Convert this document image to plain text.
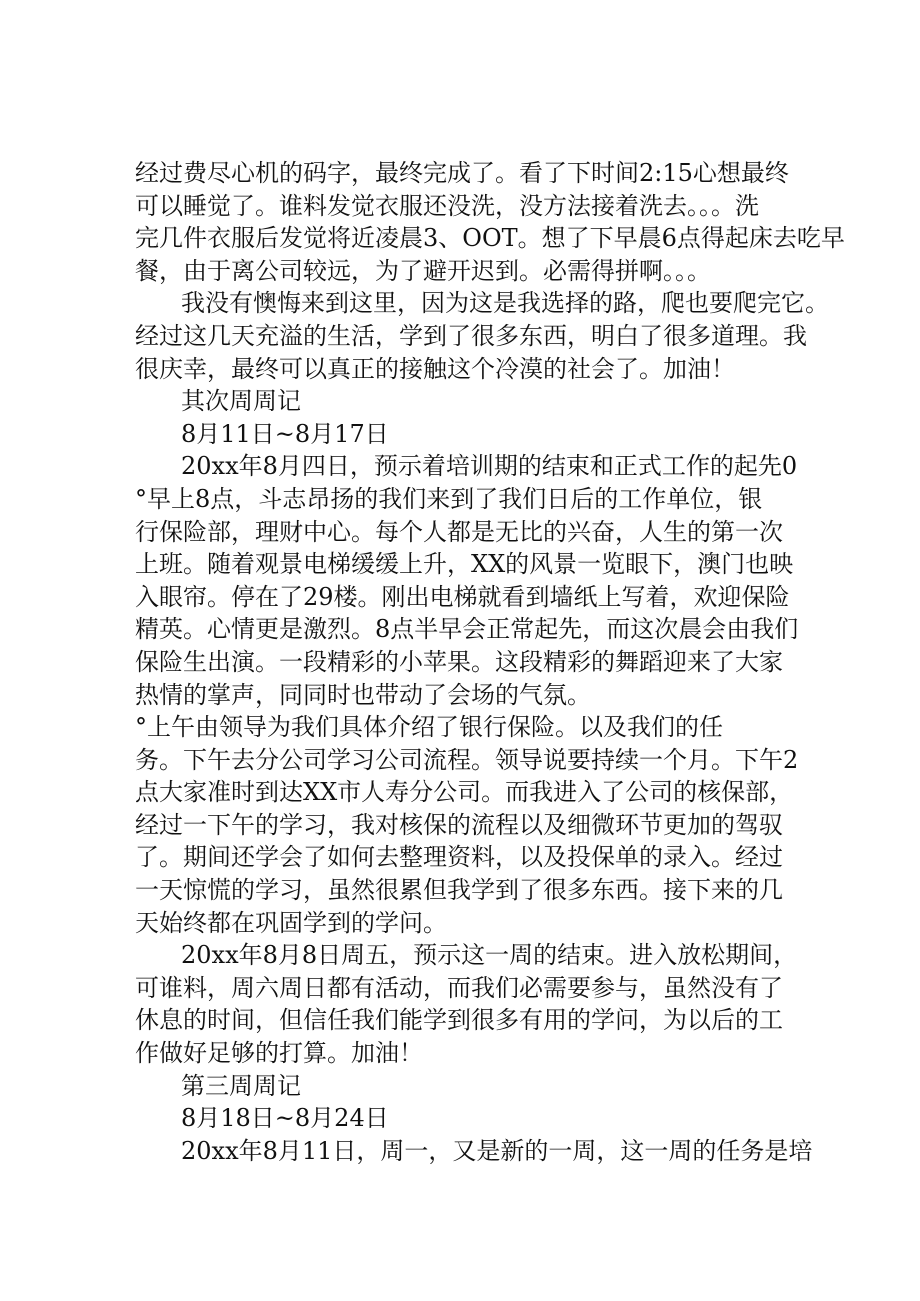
经过费尽心机的码字，最终完成了。看了下时间2:15心想最终
可以睡觉了。谁料发觉衣服还没洗，没方法接着洗去。。。洗
完几件衣服后发觉将近凌晨3、OOT。想了下早晨6点得起床去吃早
餐，由于离公司较远，为了避开迟到。必需得拼啊。。。
我没有懊悔来到这里，因为这是我选择的路，爬也要爬完它。
经过这几天充溢的生活，学到了很多东西，明白了很多道理。我
很庆幸，最终可以真正的接触这个冷漠的社会了。加油！
其次周周记
8月11日~8月17日
20xx年8月四日，预示着培训期的结束和正式工作的起先0
°早上8点，斗志昂扬的我们来到了我们日后的工作单位，银
行保险部，理财中心。每个人都是无比的兴奋，人生的第一次
上班。随着观景电梯缓缓上升，XX的风景一览眼下，澳门也映
入眼帘。停在了29楼。刚出电梯就看到墙纸上写着，欢迎保险
精英。心情更是激烈。8点半早会正常起先，而这次晨会由我们
保险生出演。一段精彩的小苹果。这段精彩的舞蹈迎来了大家
热情的掌声，同同时也带动了会场的气氛。
°上午由领导为我们具体介绍了银行保险。以及我们的任
务。下午去分公司学习公司流程。领导说要持续一个月。下午2
点大家准时到达XX市人寿分公司。而我进入了公司的核保部，
经过一下午的学习，我对核保的流程以及细微环节更加的驾驭
了。期间还学会了如何去整理资料，以及投保单的录入。经过
一天惊慌的学习，虽然很累但我学到了很多东西。接下来的几
天始终都在巩固学到的学问。
20xx年8月8日周五，预示这一周的结束。进入放松期间，
可谁料，周六周日都有活动，而我们必需要参与，虽然没有了
休息的时间，但信任我们能学到很多有用的学问，为以后的工
作做好足够的打算。加油！
第三周周记
8月18日~8月24日
20xx年8月11日，周一，又是新的一周，这一周的任务是培
